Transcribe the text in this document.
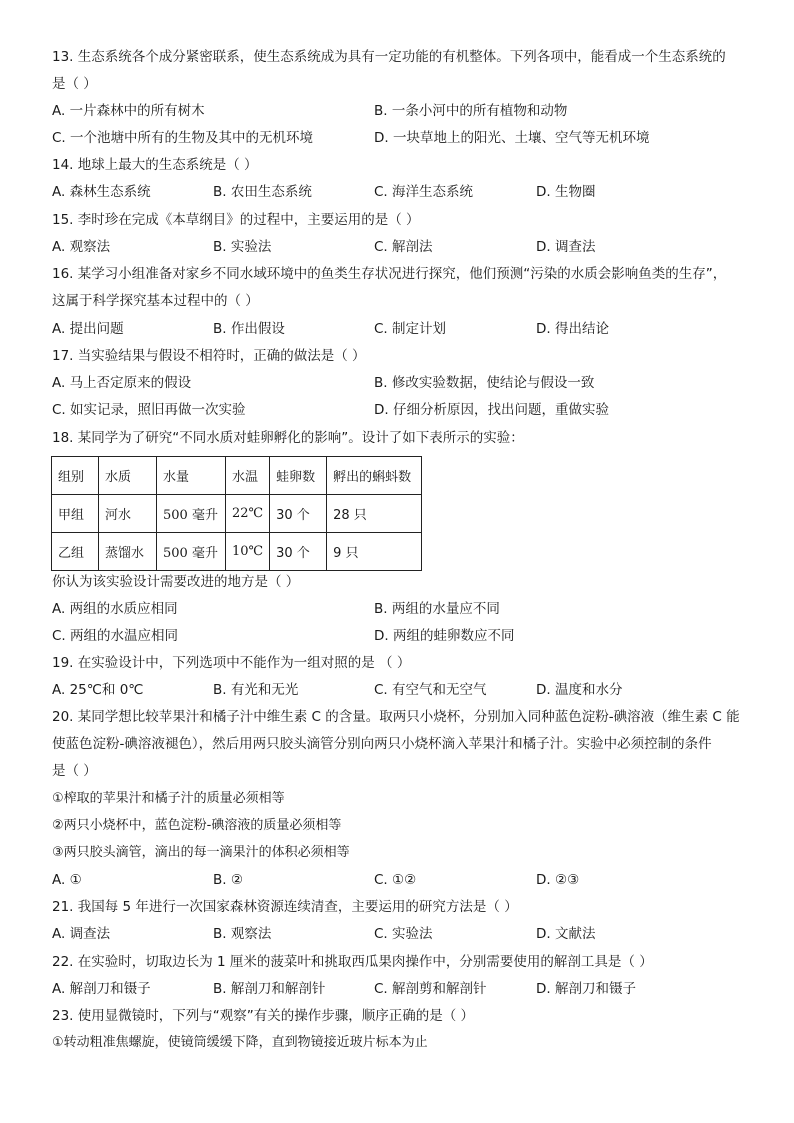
13. 生态系统各个成分紧密联系，使生态系统成为具有一定功能的有机整体。下列各项中，能看成一个生态系统的
是（ ）
A. 一片森林中的所有树木	B. 一条小河中的所有植物和动物
C. 一个池塘中所有的生物及其中的无机环境	D. 一块草地上的阳光、土壤、空气等无机环境
14. 地球上最大的生态系统是（ ）
A. 森林生态系统	B. 农田生态系统	C. 海洋生态系统	D. 生物圈
15. 李时珍在完成《本草纲目》的过程中，主要运用的是（ ）
A. 观察法	B. 实验法	C. 解剖法	D. 调查法
16. 某学习小组准备对家乡不同水域环境中的鱼类生存状况进行探究，他们预测“污染的水质会影响鱼类的生存”，
这属于科学探究基本过程中的（ ）
A. 提出问题	B. 作出假设	C. 制定计划	D. 得出结论
17. 当实验结果与假设不相符时，正确的做法是（ ）
A. 马上否定原来的假设	B. 修改实验数据，使结论与假设一致
C. 如实记录，照旧再做一次实验	D. 仔细分析原因，找出问题，重做实验
18. 某同学为了研究“不同水质对蛙卵孵化的影响”。设计了如下表所示的实验：
组别	水质	水量	水温	蛙卵数	孵出的蝌蚪数
甲组	河水	500 毫升	22℃	30 个	28 只
乙组	蒸馏水	500 毫升	10℃	30 个	9 只
你认为该实验设计需要改进的地方是（ ）
A. 两组的水质应相同	B. 两组的水量应不同
C. 两组的水温应相同	D. 两组的蛙卵数应不同
19. 在实验设计中，下列选项中不能作为一组对照的是 （ ）
A. 25℃和 0℃	B. 有光和无光	C. 有空气和无空气	D. 温度和水分
20. 某同学想比较苹果汁和橘子汁中维生素 C 的含量。取两只小烧杯，分别加入同种蓝色淀粉-碘溶液（维生素 C 能
使蓝色淀粉-碘溶液褪色），然后用两只胶头滴管分别向两只小烧杯滴入苹果汁和橘子汁。实验中必须控制的条件
是（ ）
①榨取的苹果汁和橘子汁的质量必须相等
②两只小烧杯中，蓝色淀粉-碘溶液的质量必须相等
③两只胶头滴管，滴出的每一滴果汁的体积必须相等
A. ①	B. ②	C. ①②	D. ②③
21. 我国每 5 年进行一次国家森林资源连续清查，主要运用的研究方法是（ ）
A. 调查法	B. 观察法	C. 实验法	D. 文献法
22. 在实验时，切取边长为 1 厘米的菠菜叶和挑取西瓜果肉操作中，分别需要使用的解剖工具是（ ）
A. 解剖刀和镊子	B. 解剖刀和解剖针	C. 解剖剪和解剖针	D. 解剖刀和镊子
23. 使用显微镜时，下列与“观察”有关的操作步骤，顺序正确的是（ ）
①转动粗准焦螺旋，使镜筒缓缓下降，直到物镜接近玻片标本为止
